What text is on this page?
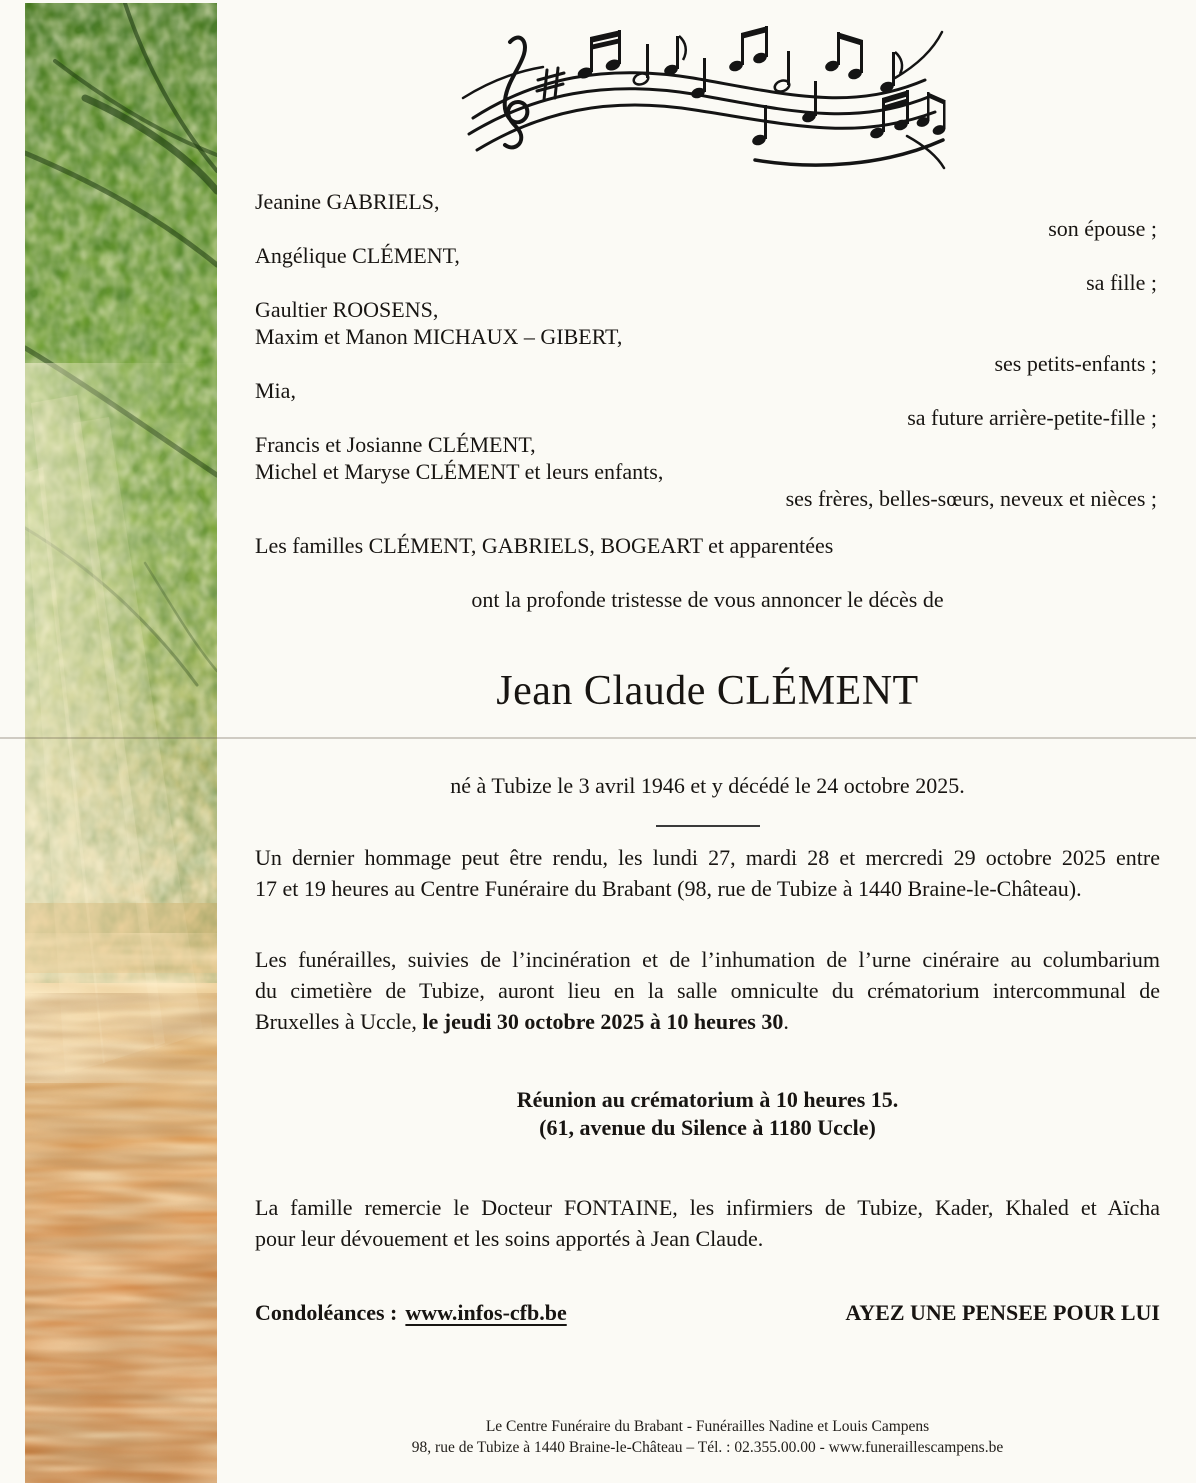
Jeanine GABRIELS,
son épouse ;
Angélique CLÉMENT,
sa fille ;
Gaultier ROOSENS,
Maxim et Manon MICHAUX – GIBERT,
ses petits-enfants ;
Mia,
sa future arrière-petite-fille ;
Francis et Josianne CLÉMENT,
Michel et Maryse CLÉMENT et leurs enfants,
ses frères, belles-sœurs, neveux et nièces ;
Les familles CLÉMENT, GABRIELS, BOGEART et apparentées
ont la profonde tristesse de vous annoncer le décès de
Jean Claude CLÉMENT
né à Tubize le 3 avril 1946 et y décédé le 24 octobre 2025.
Un dernier hommage peut être rendu, les lundi 27, mardi 28 et mercredi 29 octobre 2025 entre
17 et 19 heures au Centre Funéraire du Brabant (98, rue de Tubize à 1440 Braine-le-Château).
Les funérailles, suivies de l’incinération et de l’inhumation de l’urne cinéraire au columbarium
du cimetière de Tubize, auront lieu en la salle omniculte du crématorium intercommunal de
Bruxelles à Uccle, le jeudi 30 octobre 2025 à 10 heures 30.
Réunion au crématorium à 10 heures 15.
(61, avenue du Silence à 1180 Uccle)
La famille remercie le Docteur FONTAINE, les infirmiers de Tubize, Kader, Khaled et Aïcha
pour leur dévouement et les soins apportés à Jean Claude.
Condoléances : www.infos-cfb.be	AYEZ UNE PENSEE POUR LUI
Le Centre Funéraire du Brabant - Funérailles Nadine et Louis Campens
98, rue de Tubize à 1440 Braine-le-Château – Tél. : 02.355.00.00 - www.funeraillescampens.be
